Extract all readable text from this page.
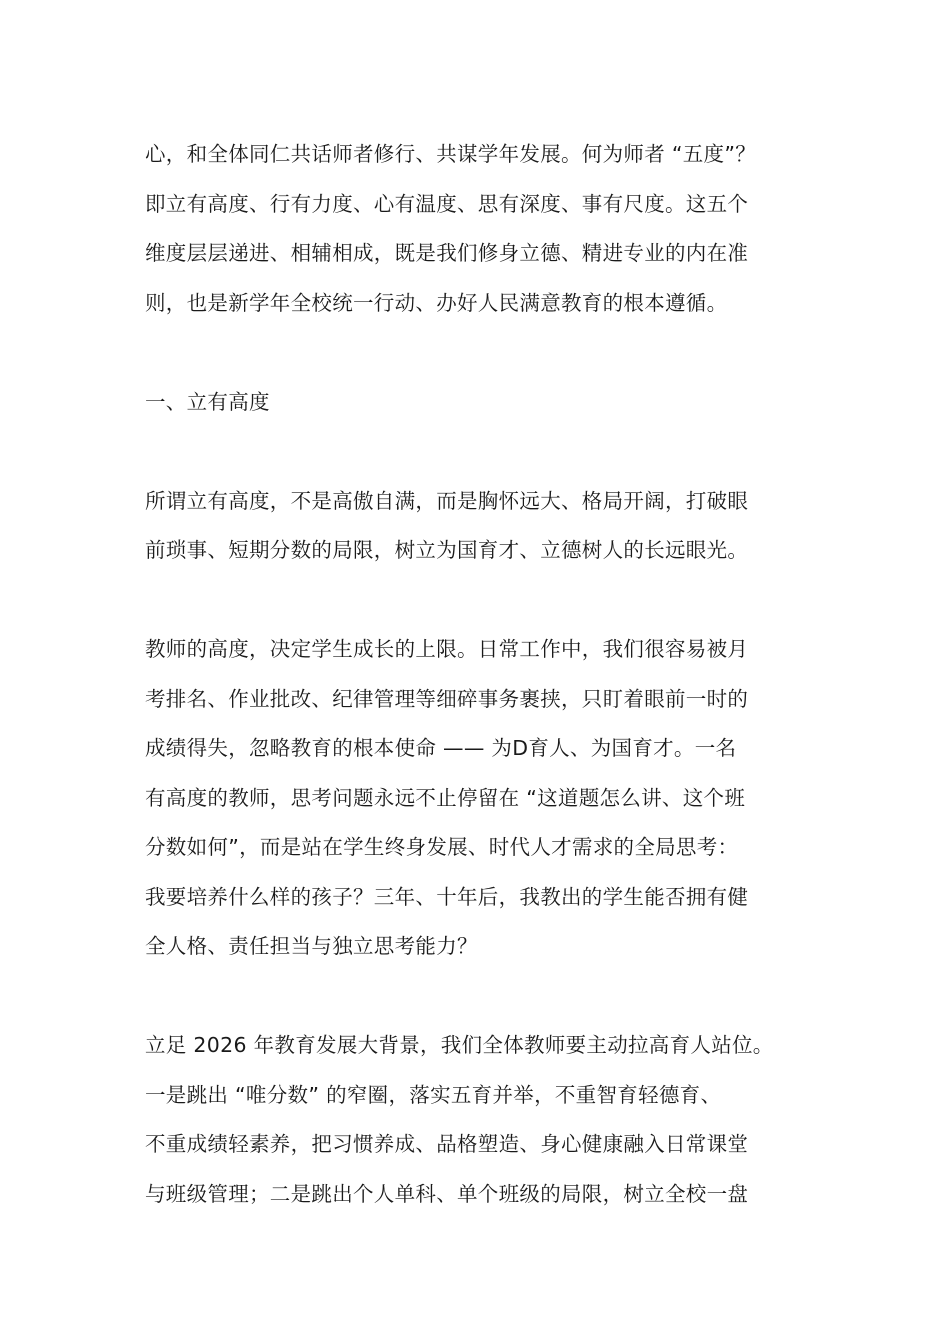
心，和全体同仁共话师者修行、共谋学年发展。何为师者 “五度”？
即立有高度、行有力度、心有温度、思有深度、事有尺度。这五个
维度层层递进、相辅相成，既是我们修身立德、精进专业的内在准
则，也是新学年全校统一行动、办好人民满意教育的根本遵循。

一、立有高度

所谓立有高度，不是高傲自满，而是胸怀远大、格局开阔，打破眼
前琐事、短期分数的局限，树立为国育才、立德树人的长远眼光。

教师的高度，决定学生成长的上限。日常工作中，我们很容易被月
考排名、作业批改、纪律管理等细碎事务裹挟，只盯着眼前一时的
成绩得失，忽略教育的根本使命 —— 为D育人、为国育才。一名
有高度的教师，思考问题永远不止停留在 “这道题怎么讲、这个班
分数如何”，而是站在学生终身发展、时代人才需求的全局思考：
我要培养什么样的孩子？三年、十年后，我教出的学生能否拥有健
全人格、责任担当与独立思考能力？

立足 2026 年教育发展大背景，我们全体教师要主动拉高育人站位。
一是跳出 “唯分数” 的窄圈，落实五育并举，不重智育轻德育、
不重成绩轻素养，把习惯养成、品格塑造、身心健康融入日常课堂
与班级管理；二是跳出个人单科、单个班级的局限，树立全校一盘
